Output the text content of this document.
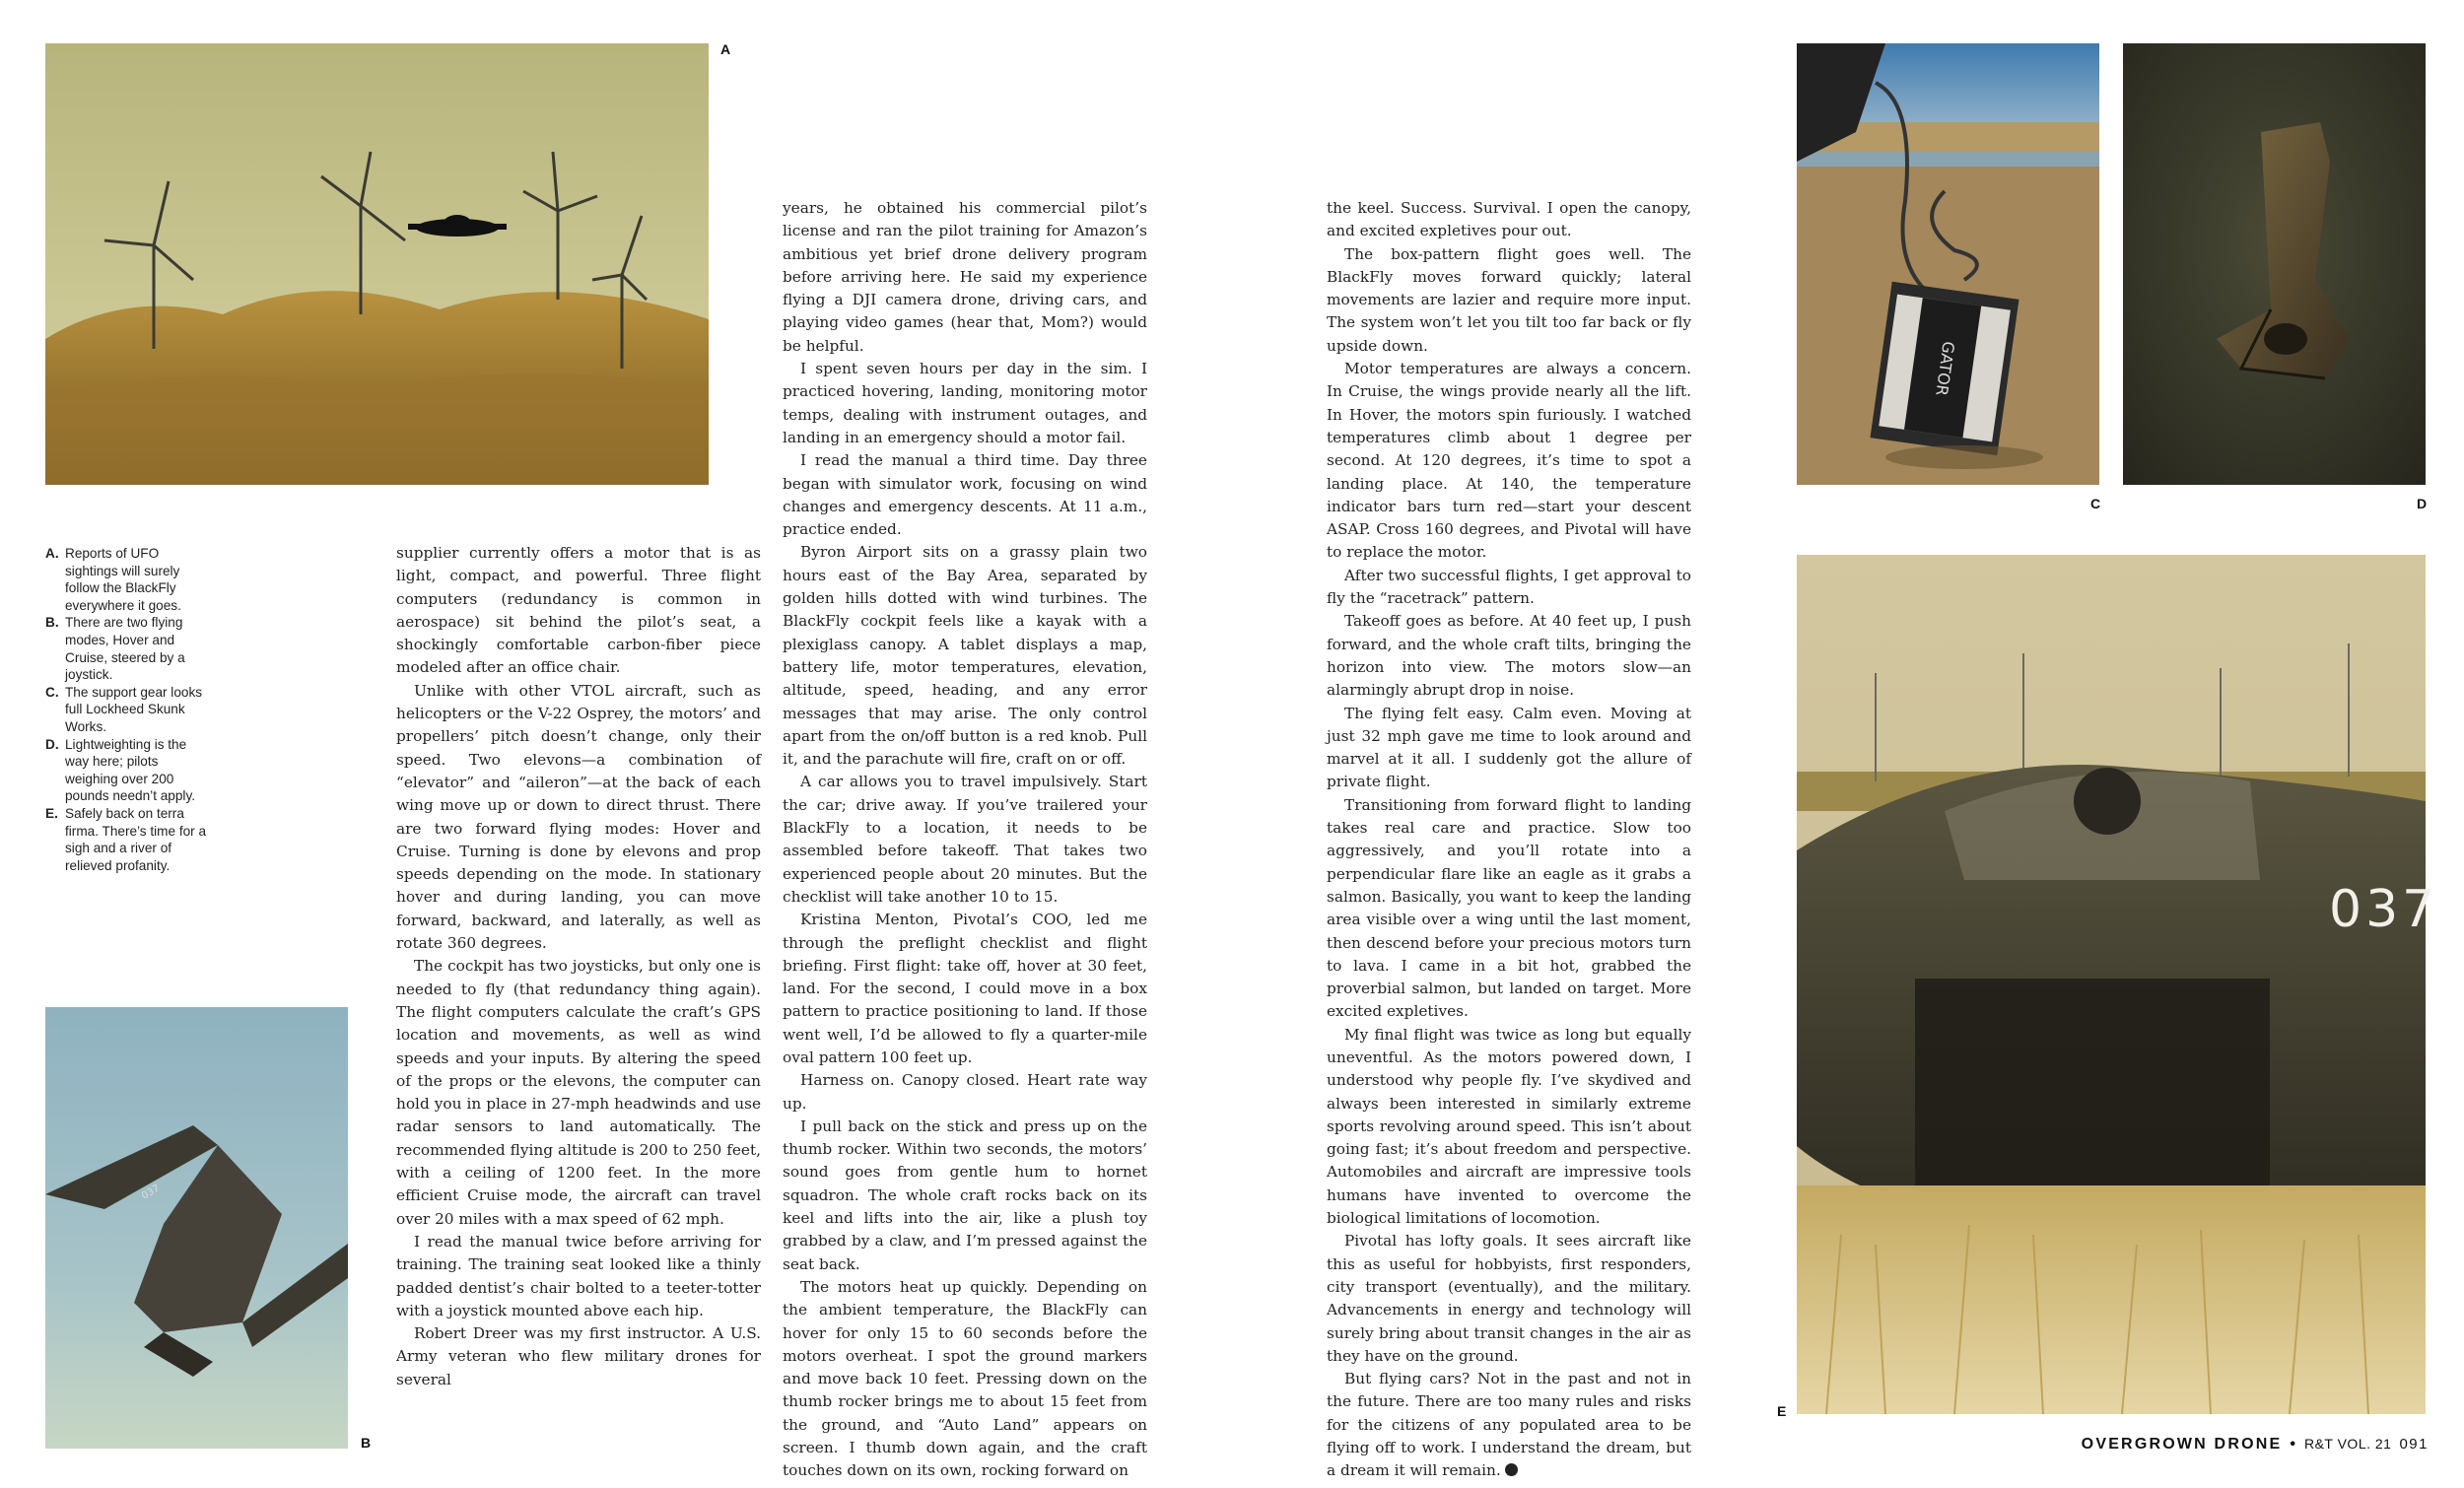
A
037
B
GATOR
C	D
037
E
A. Reports of UFO sightings will surely follow the BlackFly everywhere it goes.
B. There are two flying modes, Hover and Cruise, steered by a joystick.
C. The support gear looks full Lockheed Skunk Works.
D. Lightweighting is the way here; pilots weighing over 200 pounds needn’t apply.
E. Safely back on terra firma. There’s time for a sigh and a river of relieved profanity.

supplier currently offers a motor that is as light, compact, and powerful. Three flight computers (redundancy is common in aerospace) sit behind the pilot’s seat, a shockingly comfortable carbon-fiber piece modeled after an office chair.

Unlike with other VTOL aircraft, such as helicopters or the V-22 Osprey, the motors’ and propellers’ pitch doesn’t change, only their speed. Two elevons—a combination of “elevator” and “aileron”—at the back of each wing move up or down to direct thrust. There are two forward flying modes: Hover and Cruise. Turning is done by elevons and prop speeds depending on the mode. In stationary hover and during landing, you can move forward, backward, and laterally, as well as rotate 360 degrees.

The cockpit has two joysticks, but only one is needed to fly (that redundancy thing again). The flight computers calculate the craft’s GPS location and movements, as well as wind speeds and your inputs. By altering the speed of the props or the elevons, the computer can hold you in place in 27-mph headwinds and use radar sensors to land automatically. The recommended flying altitude is 200 to 250 feet, with a ceiling of 1200 feet. In the more efficient Cruise mode, the aircraft can travel over 20 miles with a max speed of 62 mph.

I read the manual twice before arriving for training. The training seat looked like a thinly padded dentist’s chair bolted to a teeter-totter with a joystick mounted above each hip.

Robert Dreer was my first instructor. A U.S. Army veteran who flew military drones for several

years, he obtained his commercial pilot’s license and ran the pilot training for Amazon’s ambitious yet brief drone delivery program before arriving here. He said my experience flying a DJI camera drone, driving cars, and playing video games (hear that, Mom?) would be helpful.

I spent seven hours per day in the sim. I practiced hovering, landing, monitoring motor temps, dealing with instrument outages, and landing in an emergency should a motor fail.

I read the manual a third time. Day three began with simulator work, focusing on wind changes and emergency descents. At 11 a.m., practice ended.

Byron Airport sits on a grassy plain two hours east of the Bay Area, separated by golden hills dotted with wind turbines. The BlackFly cockpit feels like a kayak with a plexiglass canopy. A tablet displays a map, battery life, motor temperatures, elevation, altitude, speed, heading, and any error messages that may arise. The only control apart from the on/off button is a red knob. Pull it, and the parachute will fire, craft on or off.

A car allows you to travel impulsively. Start the car; drive away. If you’ve trailered your BlackFly to a location, it needs to be assembled before takeoff. That takes two experienced people about 20 minutes. But the checklist will take another 10 to 15.

Kristina Menton, Pivotal’s COO, led me through the preflight checklist and flight briefing. First flight: take off, hover at 30 feet, land. For the second, I could move in a box pattern to practice positioning to land. If those went well, I’d be allowed to fly a quarter-mile oval pattern 100 feet up.

Harness on. Canopy closed. Heart rate way up.

I pull back on the stick and press up on the thumb rocker. Within two seconds, the motors’ sound goes from gentle hum to hornet squadron. The whole craft rocks back on its keel and lifts into the air, like a plush toy grabbed by a claw, and I’m pressed against the seat back.

The motors heat up quickly. Depending on the ambient temperature, the BlackFly can hover for only 15 to 60 seconds before the motors overheat. I spot the ground markers and move back 10 feet. Pressing down on the thumb rocker brings me to about 15 feet from the ground, and “Auto Land” appears on screen. I thumb down again, and the craft touches down on its own, rocking forward on

the keel. Success. Survival. I open the canopy, and excited expletives pour out.

The box-pattern flight goes well. The BlackFly moves forward quickly; lateral movements are lazier and require more input. The system won’t let you tilt too far back or fly upside down.

Motor temperatures are always a concern. In Cruise, the wings provide nearly all the lift. In Hover, the motors spin furiously. I watched temperatures climb about 1 degree per second. At 120 degrees, it’s time to spot a landing place. At 140, the temperature indicator bars turn red—start your descent ASAP. Cross 160 degrees, and Pivotal will have to replace the motor.

After two successful flights, I get approval to fly the “racetrack” pattern.

Takeoff goes as before. At 40 feet up, I push forward, and the whole craft tilts, bringing the horizon into view. The motors slow—an alarmingly abrupt drop in noise.

The flying felt easy. Calm even. Moving at just 32 mph gave me time to look around and marvel at it all. I suddenly got the allure of private flight.

Transitioning from forward flight to landing takes real care and practice. Slow too aggressively, and you’ll rotate into a perpendicular flare like an eagle as it grabs a salmon. Basically, you want to keep the landing area visible over a wing until the last moment, then descend before your precious motors turn to lava. I came in a bit hot, grabbed the proverbial salmon, but landed on target. More excited expletives.

My final flight was twice as long but equally uneventful. As the motors powered down, I understood why people fly. I’ve skydived and always been interested in similarly extreme sports revolving around speed. This isn’t about going fast; it’s about freedom and perspective. Automobiles and aircraft are impressive tools humans have invented to overcome the biological limitations of locomotion.

Pivotal has lofty goals. It sees aircraft like this as useful for hobbyists, first responders, city transport (eventually), and the military. Advancements in energy and technology will surely bring about transit changes in the air as they have on the ground.

But flying cars? Not in the past and not in the future. There are too many rules and risks for the citizens of any populated area to be flying off to work. I understand the dream, but a dream it will remain.

OVERGROWN DRONE • R&T VOL. 21 091
